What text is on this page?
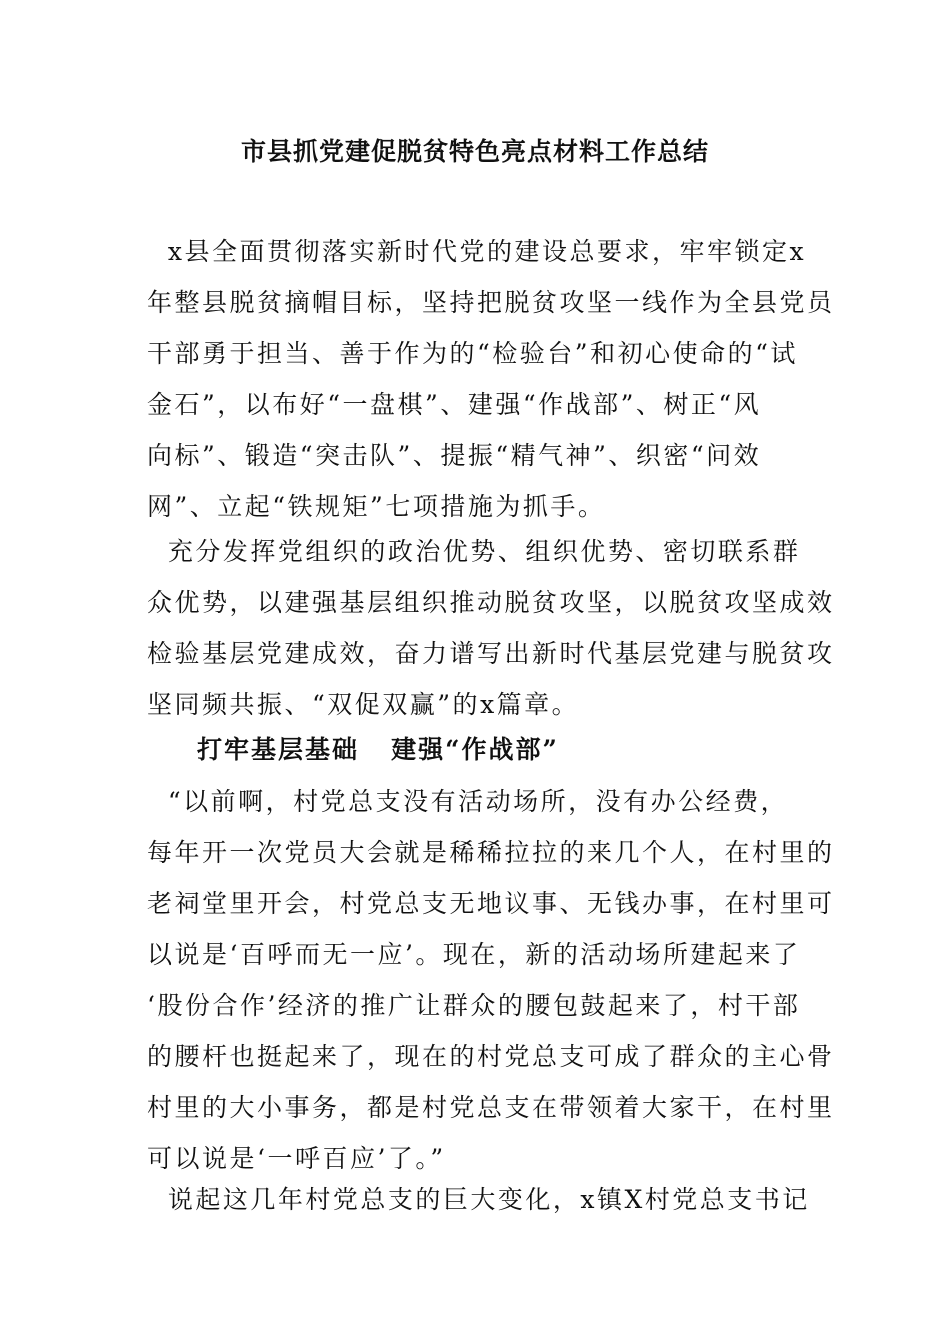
市县抓党建促脱贫特色亮点材料工作总结
x县全面贯彻落实新时代党的建设总要求，牢牢锁定x
年整县脱贫摘帽目标，坚持把脱贫攻坚一线作为全县党员
干部勇于担当、善于作为的“检验台”和初心使命的“试
金石”，以布好“一盘棋”、建强“作战部”、树正“风
向标”、锻造“突击队”、提振“精气神”、织密“问效
网”、立起“铁规矩”七项措施为抓手。
充分发挥党组织的政治优势、组织优势、密切联系群
众优势，以建强基层组织推动脱贫攻坚，以脱贫攻坚成效
检验基层党建成效，奋力谱写出新时代基层党建与脱贫攻
坚同频共振、“双促双赢”的x篇章。
打牢基层基础   建强“作战部”
“以前啊，村党总支没有活动场所，没有办公经费，
每年开一次党员大会就是稀稀拉拉的来几个人，在村里的
老祠堂里开会，村党总支无地议事、无钱办事，在村里可
以说是‘百呼而无一应’。现在，新的活动场所建起来了
‘股份合作’经济的推广让群众的腰包鼓起来了，村干部
的腰杆也挺起来了，现在的村党总支可成了群众的主心骨
村里的大小事务，都是村党总支在带领着大家干，在村里
可以说是‘一呼百应’了。”
说起这几年村党总支的巨大变化，x镇X村党总支书记
